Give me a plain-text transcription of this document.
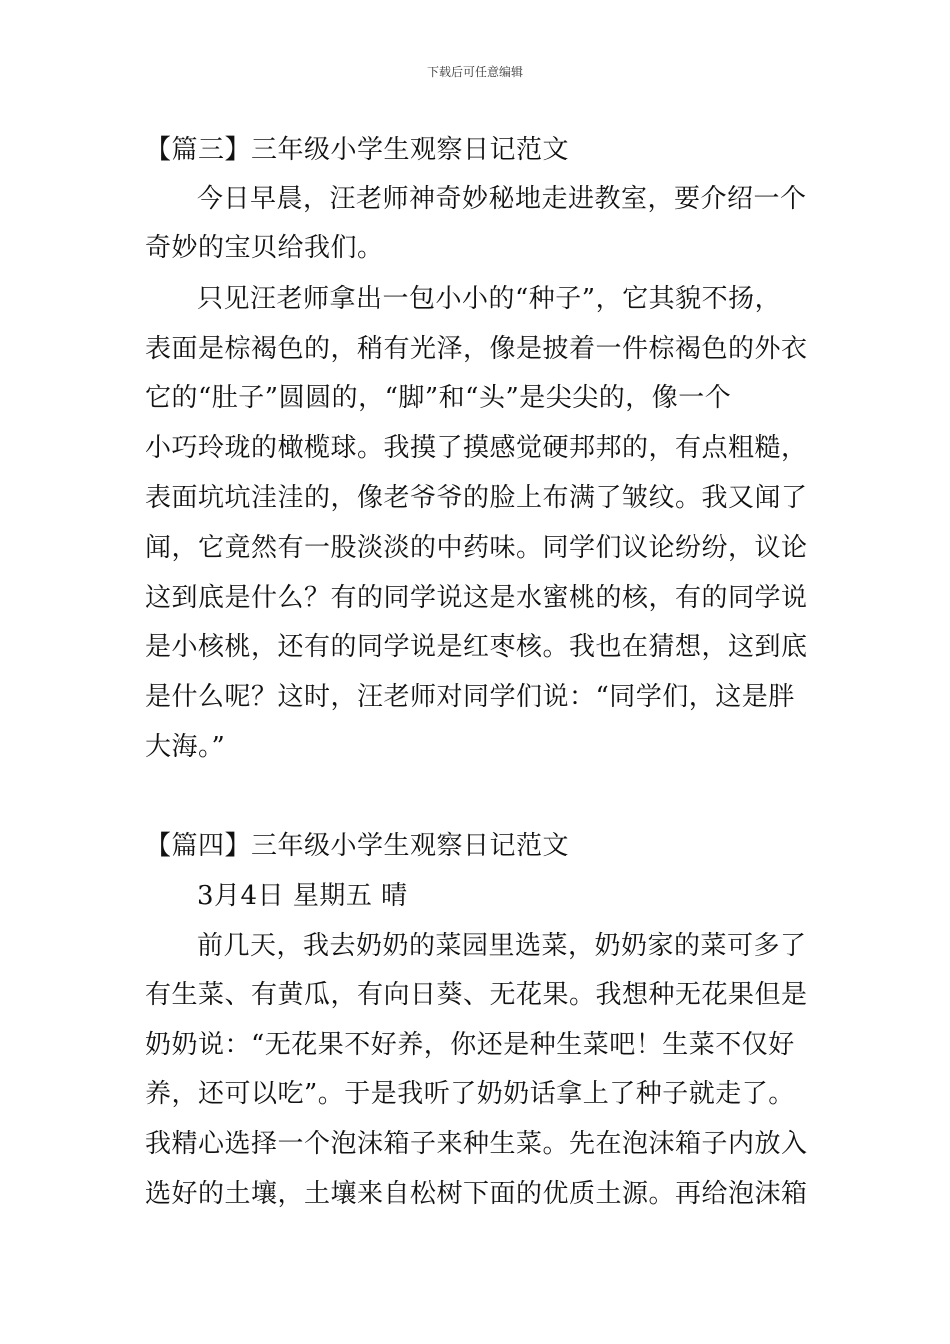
下载后可任意编辑
【篇三】三年级小学生观察日记范文
今日早晨，汪老师神奇妙秘地走进教室，要介绍一个
奇妙的宝贝给我们。
只见汪老师拿出一包小小的“种子”，它其貌不扬，
表面是棕褐色的，稍有光泽，像是披着一件棕褐色的外衣
它的“肚子”圆圆的，“脚”和“头”是尖尖的，像一个
小巧玲珑的橄榄球。我摸了摸感觉硬邦邦的，有点粗糙，
表面坑坑洼洼的，像老爷爷的脸上布满了皱纹。我又闻了
闻，它竟然有一股淡淡的中药味。同学们议论纷纷，议论
这到底是什么？有的同学说这是水蜜桃的核，有的同学说
是小核桃，还有的同学说是红枣核。我也在猜想，这到底
是什么呢？这时，汪老师对同学们说：“同学们，这是胖
大海。”
【篇四】三年级小学生观察日记范文
3月4日 星期五 晴
前几天，我去奶奶的菜园里选菜，奶奶家的菜可多了
有生菜、有黄瓜，有向日葵、无花果。我想种无花果但是
奶奶说：“无花果不好养，你还是种生菜吧！生菜不仅好
养，还可以吃”。于是我听了奶奶话拿上了种子就走了。
我精心选择一个泡沫箱子来种生菜。先在泡沫箱子内放入
选好的土壤，土壤来自松树下面的优质土源。再给泡沫箱
